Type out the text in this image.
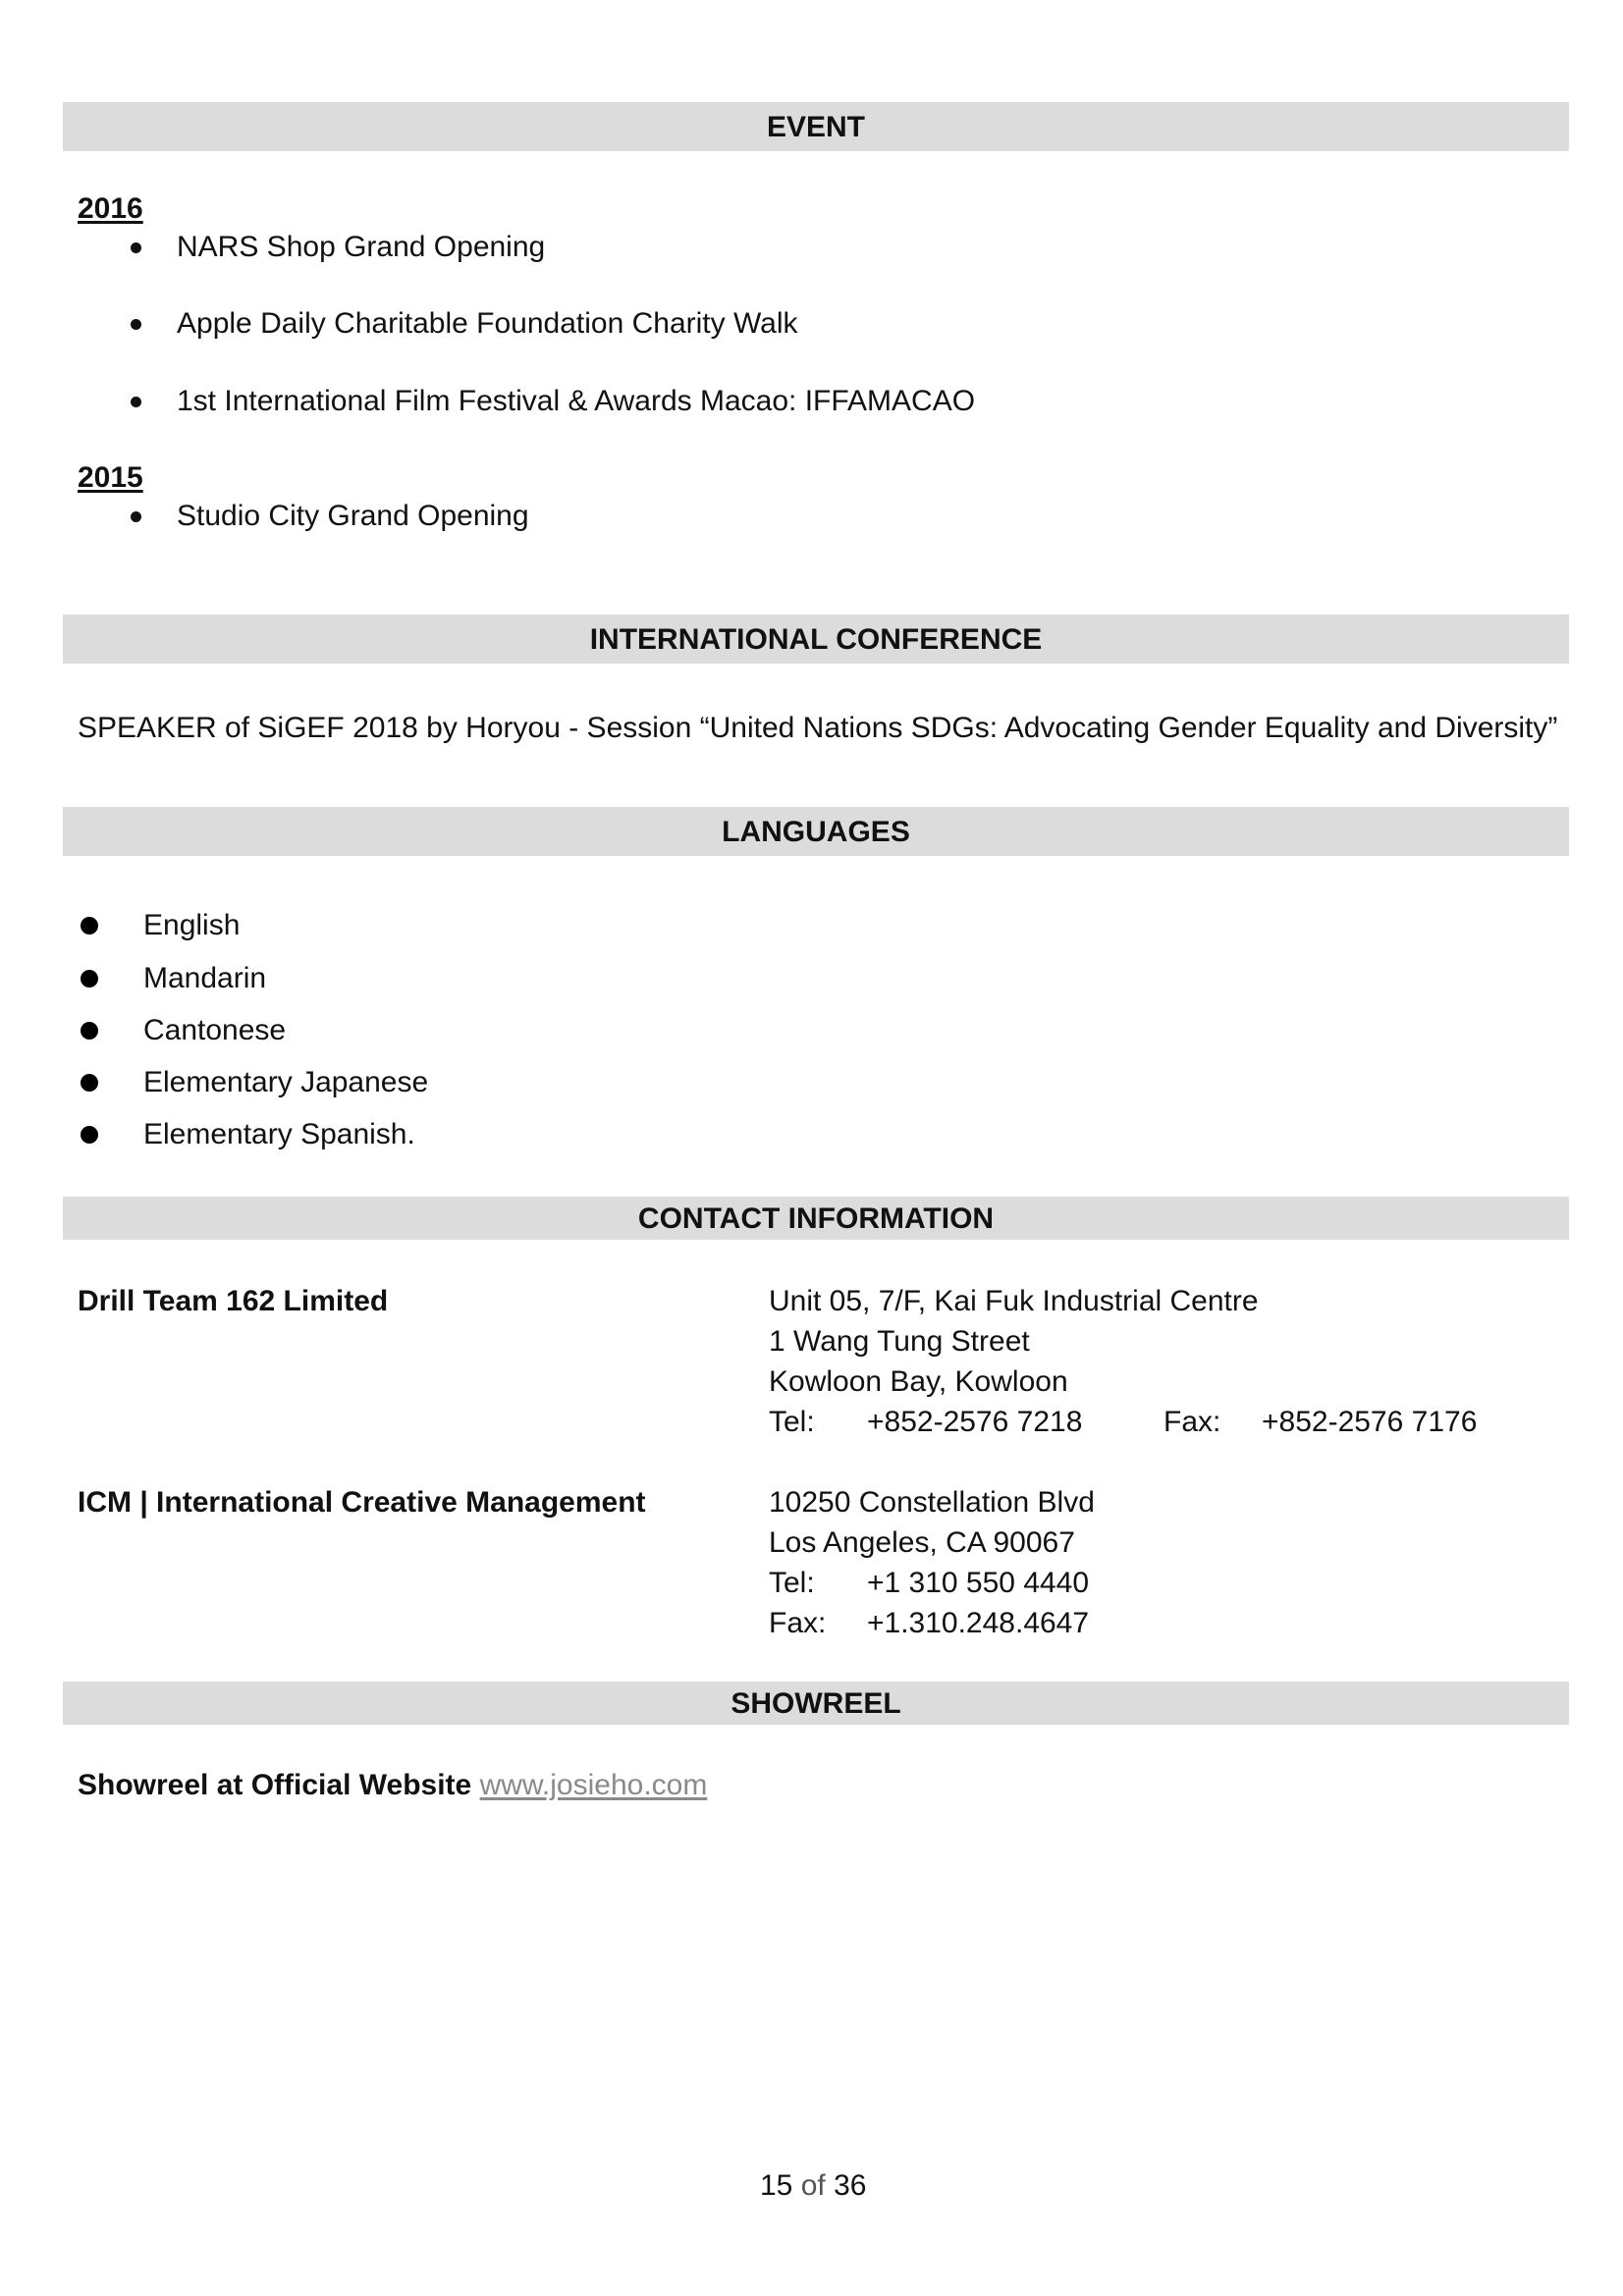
EVENT
2016
NARS Shop Grand Opening
Apple Daily Charitable Foundation Charity Walk
1st International Film Festival & Awards Macao: IFFAMACAO
2015
Studio City Grand Opening
INTERNATIONAL CONFERENCE
SPEAKER of SiGEF 2018 by Horyou - Session “United Nations SDGs: Advocating Gender Equality and Diversity”
LANGUAGES
English
Mandarin
Cantonese
Elementary Japanese
Elementary Spanish.
CONTACT INFORMATION
Drill Team 162 Limited	Unit 05, 7/F, Kai Fuk Industrial Centre
1 Wang Tung Street
Kowloon Bay, Kowloon
Tel: +852-2576 7218	Fax: +852-2576 7176
ICM | International Creative Management	10250 Constellation Blvd
Los Angeles, CA 90067
Tel: +1 310 550 4440
Fax: +1.310.248.4647
SHOWREEL
Showreel at Official Website www.josieho.com
15 of 36
